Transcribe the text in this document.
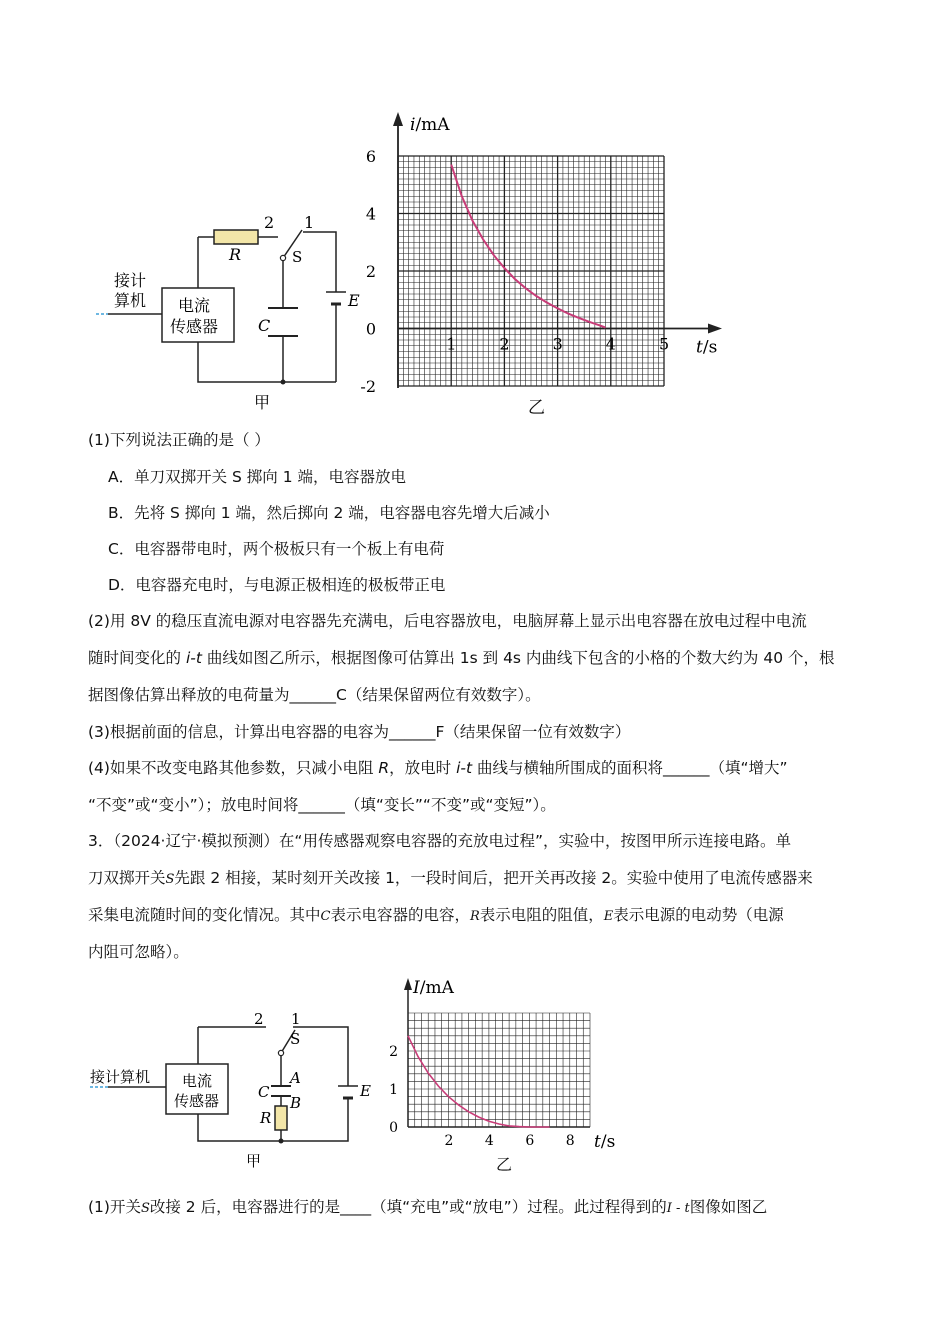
2 1
R	S
C
E
接计
算机 电流
传感器
甲
1	2	3	4	5
6
4
2
0
-2
i/mA
t/s
乙
(1)下列说法正确的是（ ）
A．单刀双掷开关 S 掷向 1 端，电容器放电
B．先将 S 掷向 1 端，然后掷向 2 端，电容器电容先增大后减小
C．电容器带电时，两个极板只有一个板上有电荷
D．电容器充电时，与电源正极相连的极板带正电
(2)用 8V 的稳压直流电源对电容器先充满电，后电容器放电，电脑屏幕上显示出电容器在放电过程中电流
随时间变化的 i-t 曲线如图乙所示，根据图像可估算出 1s 到 4s 内曲线下包含的小格的个数大约为 40 个，根
据图像估算出释放的电荷量为______C（结果保留两位有效数字）。
(3)根据前面的信息，计算出电容器的电容为______F（结果保留一位有效数字）
(4)如果不改变电路其他参数，只减小电阻 R，放电时 i-t 曲线与横轴所围成的面积将______（填“增大”
“不变”或“变小”）；放电时间将______（填“变长”“不变”或“变短”）。
3．（2024·辽宁·模拟预测）在“用传感器观察电容器的充放电过程”，实验中，按图甲所示连接电路。单
刀双掷开关S先跟 2 相接，某时刻开关改接 1，一段时间后，把开关再改接 2。实验中使用了电流传感器来
采集电流随时间的变化情况。其中C表示电容器的电容，R表示电阻的阻值，E表示电源的电动势（电源
内阻可忽略）。
2 1
S
C
A
B
R
E
接计算机 电流
传感器
甲
2 4 6 8
2
1
0
I/mA
t/s
乙
(1)开关S改接 2 后，电容器进行的是____（填“充电”或“放电”）过程。此过程得到的I - t图像如图乙
